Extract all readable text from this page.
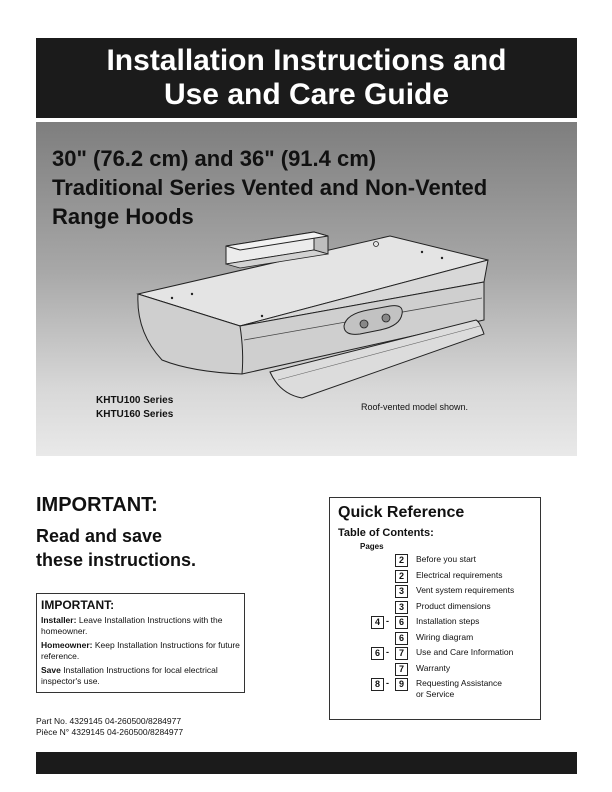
Installation Instructions and
Use and Care Guide
30" (76.2 cm) and 36" (91.4 cm)
Traditional Series Vented and Non-Vented
Range Hoods
KHTU100 Series
KHTU160 Series
Roof-vented model shown.
IMPORTANT:
Read and save
these instructions.
IMPORTANT:

Installer: Leave Installation Instructions with the homeowner.

Homeowner: Keep Installation Instructions for future reference.

Save Installation Instructions for local electrical inspector's use.

Part No. 4329145 04-260500/8284977
Pièce N° 4329145 04-260500/8284977
Quick Reference
Table of Contents:
Pages
2	Before you start
2	Electrical requirements
3	Vent system requirements
3	Product dimensions
4 -	6	Installation steps
6	Wiring diagram
6 -	7	Use and Care Information
7	Warranty
8 -	9	Requesting Assistance
or Service
